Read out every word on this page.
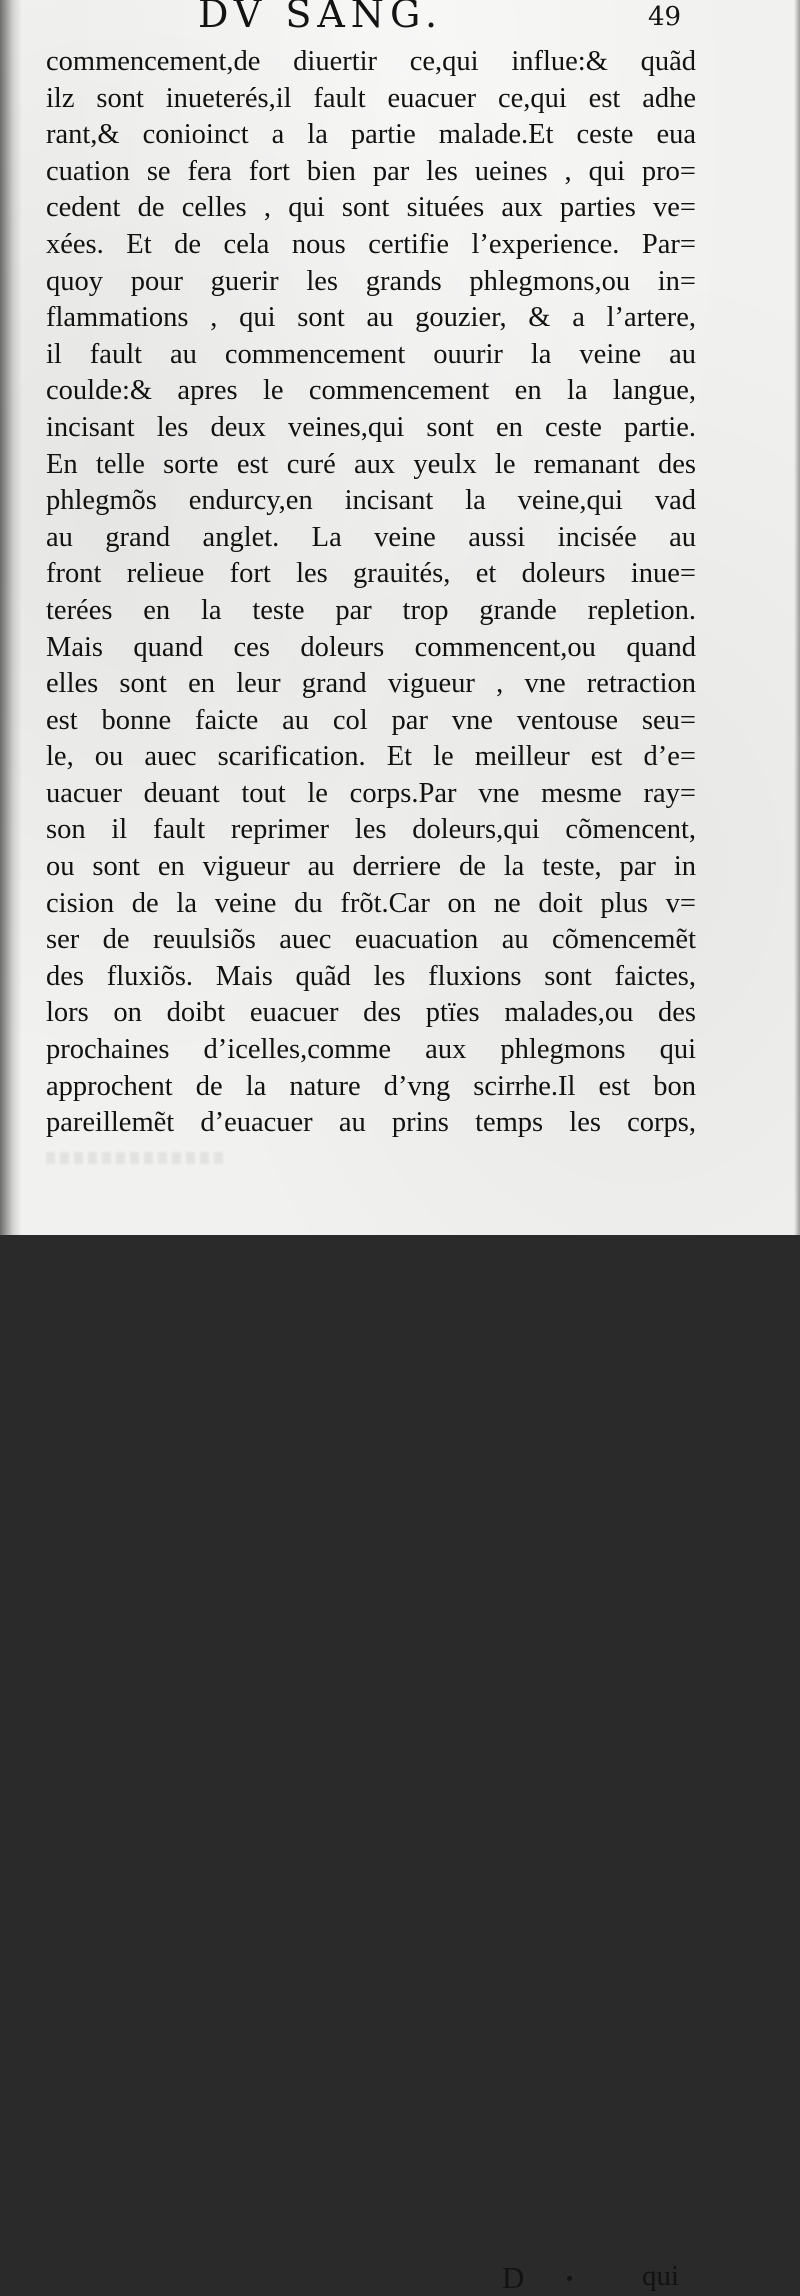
DV SANG.	49
commencement,de diuertir ce,qui influe:& quãd
ilz sont inueterés,il fault euacuer ce,qui est adhe
rant,& conioinct a la partie malade.Et ceste eua
cuation se fera fort bien par les ueines , qui pro=
cedent de celles , qui sont situées aux parties ve=
xées. Et de cela nous certifie l’experience. Par=
quoy pour guerir les grands phlegmons,ou in=
flammations , qui sont au gouzier, & a l’artere,
il fault au commencement ouurir la veine au
coulde:& apres le commencement en la langue,
incisant les deux veines,qui sont en ceste partie.
En telle sorte est curé aux yeulx le remanant des
phlegmõs endurcy,en incisant la veine,qui vad
au grand anglet. La veine aussi incisée au
front relieue fort les grauités, et doleurs inue=
terées en la teste par trop grande repletion.
Mais quand ces doleurs commencent,ou quand
elles sont en leur grand vigueur , vne retraction
est bonne faicte au col par vne ventouse seu=
le, ou auec scarification. Et le meilleur est d’e=
uacuer deuant tout le corps.Par vne mesme ray=
son il fault reprimer les doleurs,qui cõmencent,
ou sont en vigueur au derriere de la teste, par in
cision de la veine du frõt.Car on ne doit plus v=
ser de reuulsiõs auec euacuation au cõmencemẽt
des fluxiõs. Mais quãd les fluxions sont faictes,
lors on doibt euacuer des ptïes malades,ou des
prochaines d’icelles,comme aux phlegmons qui
approchent de la nature d’vng scirrhe.Il est bon
pareillemẽt d’euacuer au prins temps les corps,
D	qui
